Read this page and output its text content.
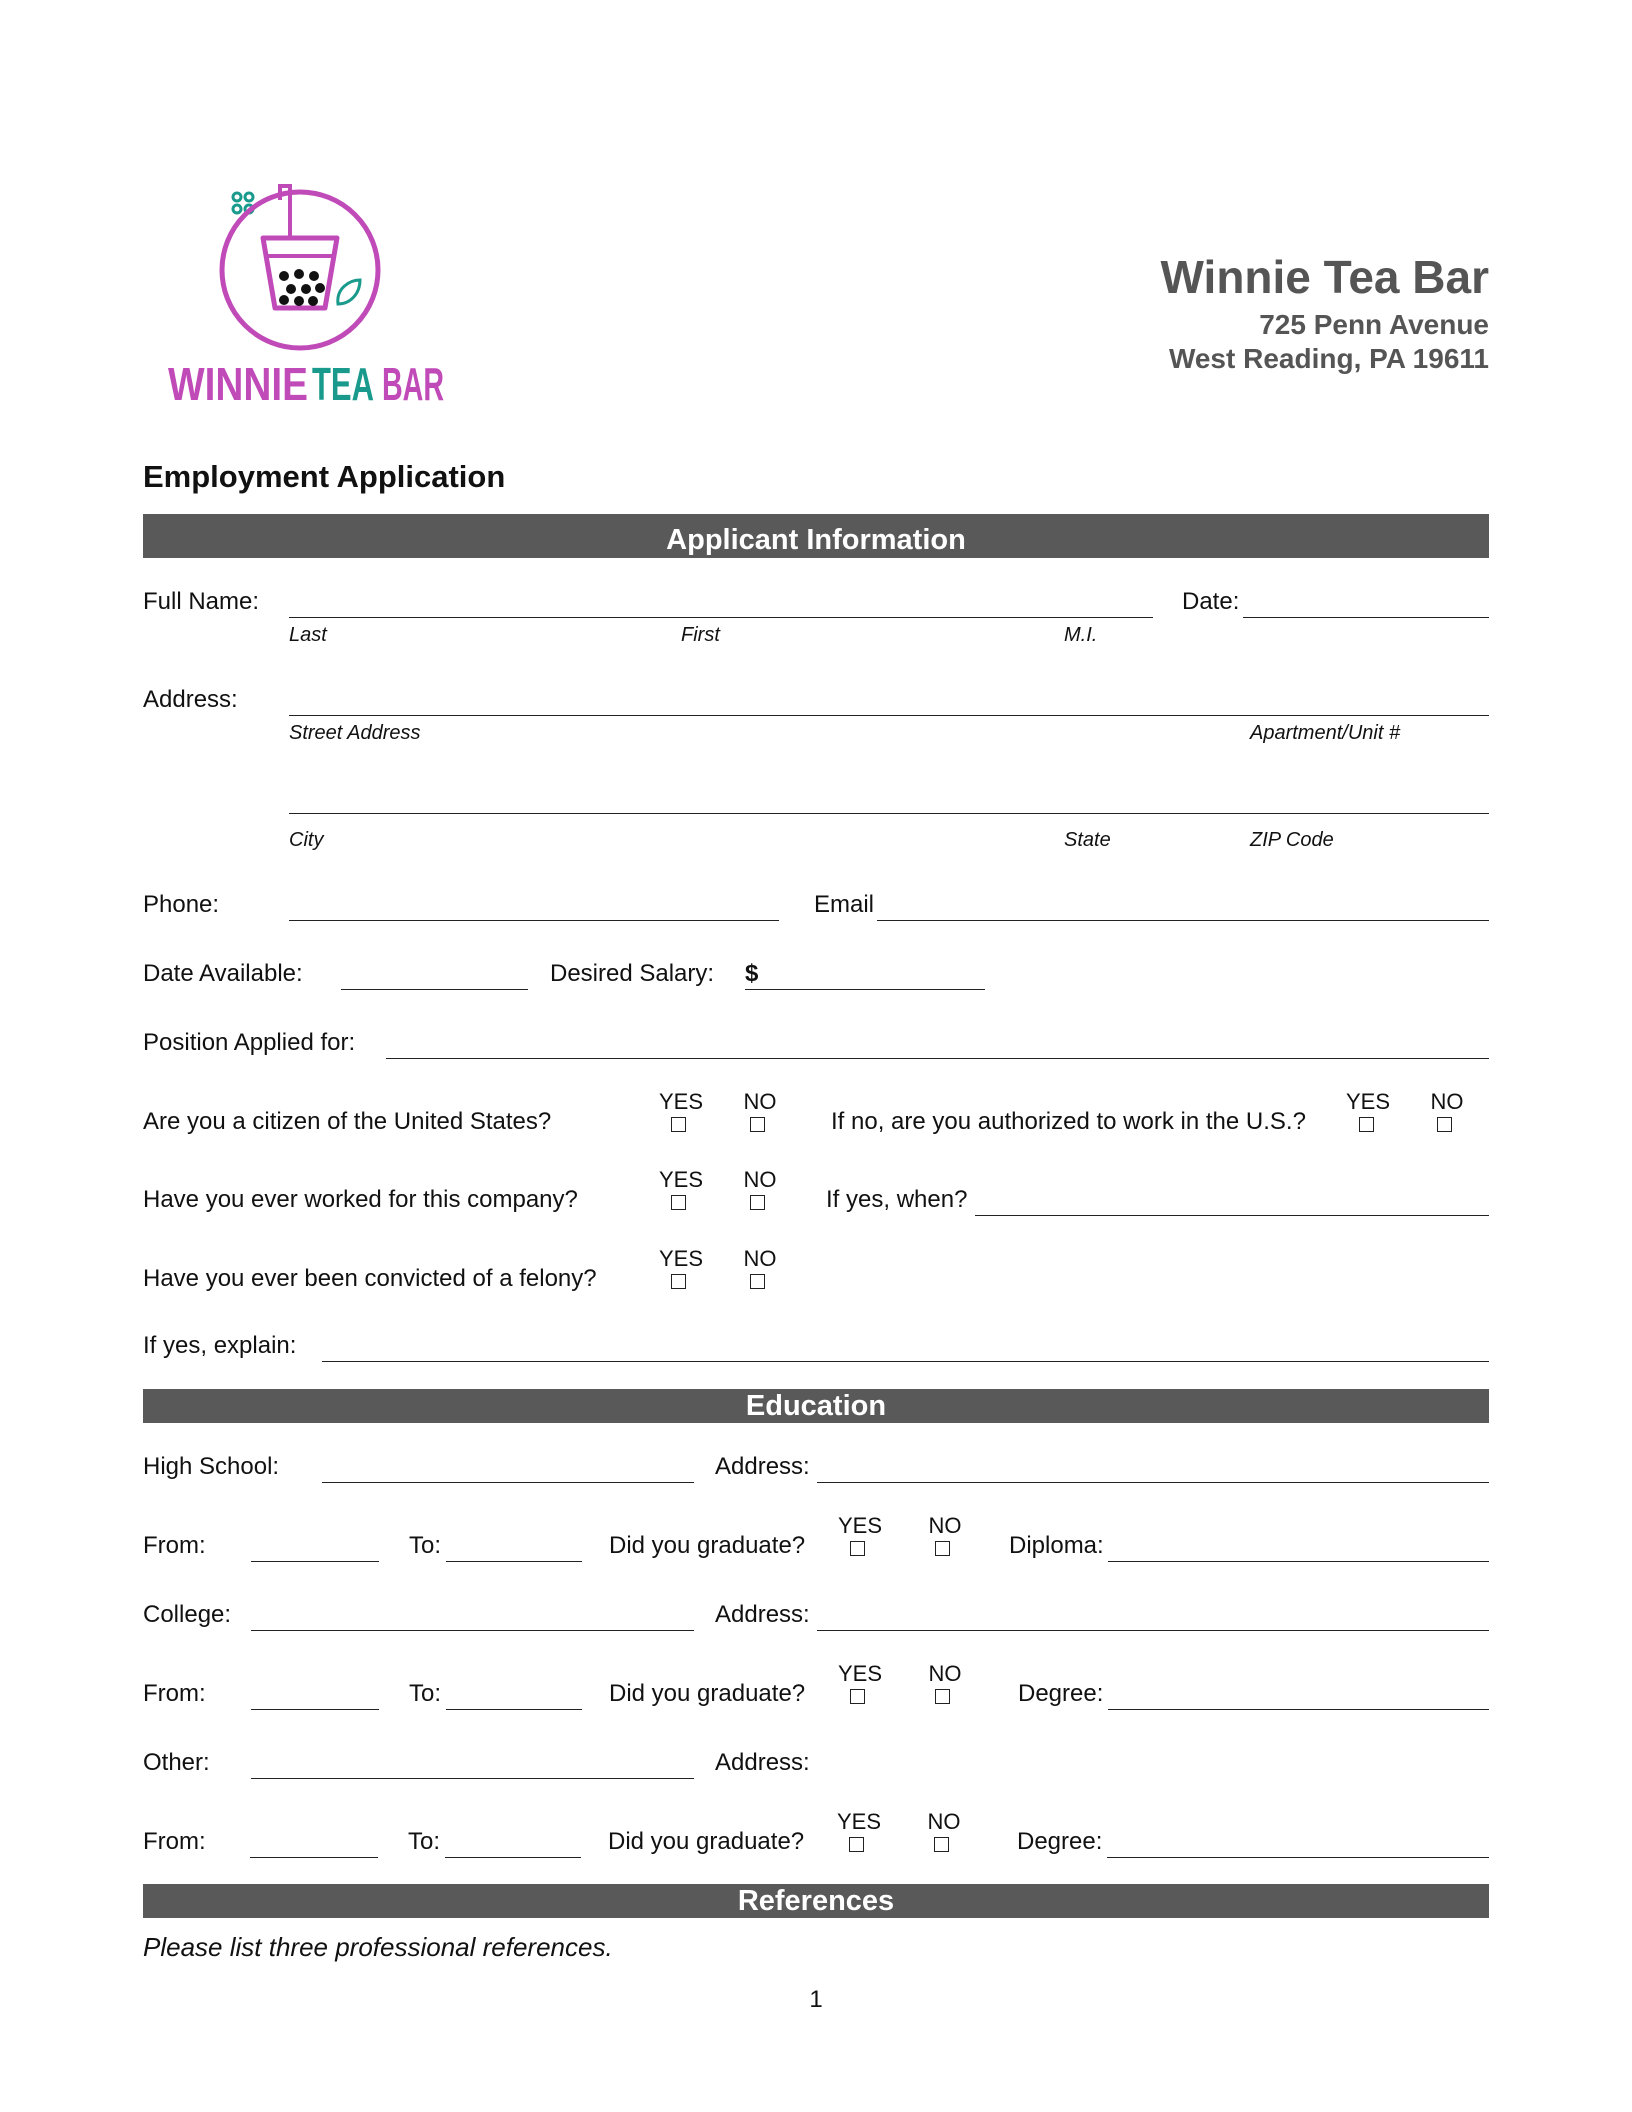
WINNIE TEA BAR
Winnie Tea Bar
725 Penn Avenue
West Reading, PA 19611
Employment Application
Applicant Information
Full Name:
Last	First	M.I.
Date:
Address:
Street Address	Apartment/Unit #
City	State	ZIP Code
Phone:	Email
Date Available:	Desired Salary: $
Position Applied for:
Are you a citizen of the United States?
YES	NO
If no, are you authorized to work in the U.S.?
YES	NO
Have you ever worked for this company?
YES	NO
If yes, when?
Have you ever been convicted of a felony?
YES	NO
If yes, explain:
Education
High School:	Address:
From:	To:	Did you graduate?
YES	NO
Diploma:
College:	Address:
From:	To:	Did you graduate?
YES	NO
Degree:
Other:	Address:
From:	To:	Did you graduate?
YES	NO
Degree:
References
Please list three professional references.
1
